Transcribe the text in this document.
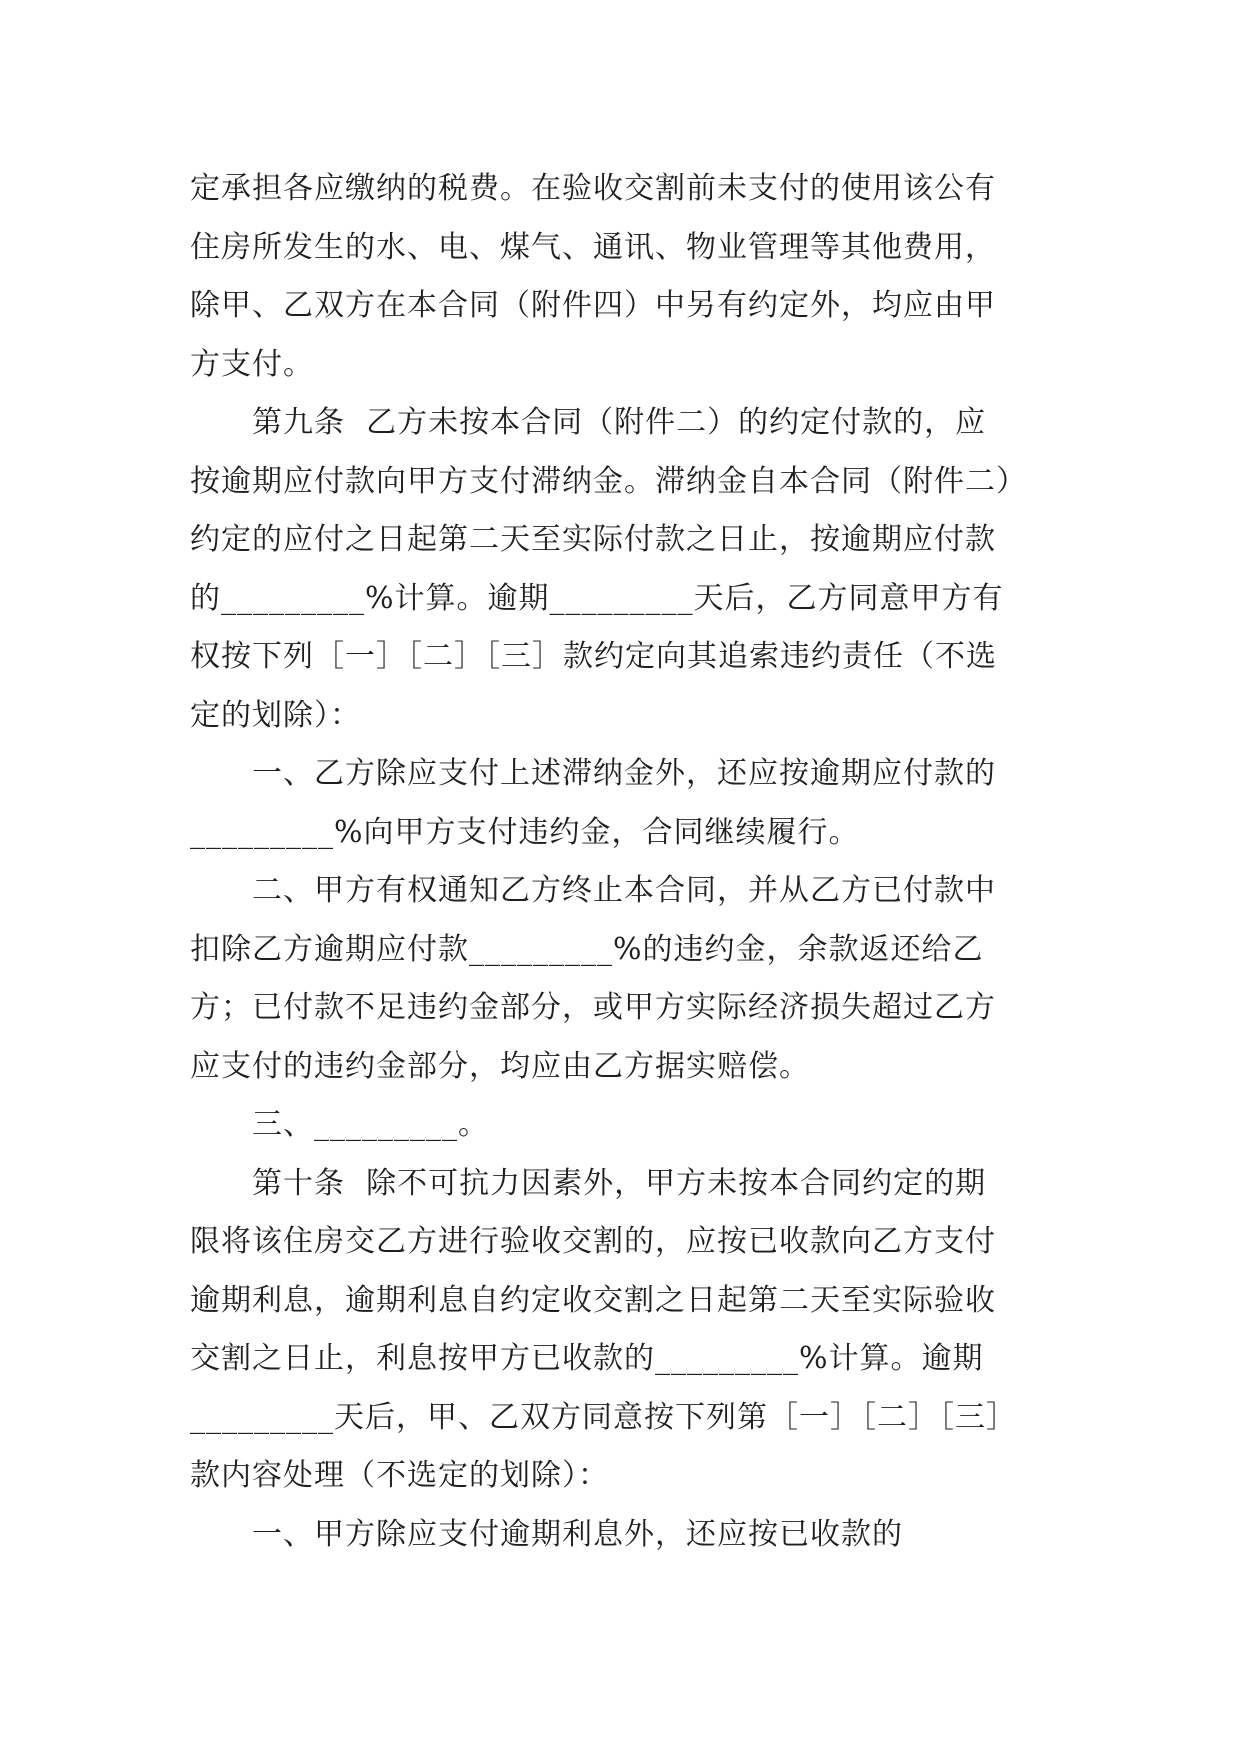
定承担各应缴纳的税费。在验收交割前未支付的使用该公有

住房所发生的水、电、煤气、通讯、物业管理等其他费用，

除甲、乙双方在本合同（附件四）中另有约定外，均应由甲

方支付。

　　第九条  乙方未按本合同（附件二）的约定付款的，应

按逾期应付款向甲方支付滞纳金。滞纳金自本合同（附件二）

约定的应付之日起第二天至实际付款之日止，按逾期应付款

的_________%计算。逾期_________天后，乙方同意甲方有

权按下列［一］［二］［三］款约定向其追索违约责任（不选

定的划除）：

　　一、乙方除应支付上述滞纳金外，还应按逾期应付款的

_________%向甲方支付违约金，合同继续履行。

　　二、甲方有权通知乙方终止本合同，并从乙方已付款中

扣除乙方逾期应付款_________%的违约金，余款返还给乙

方；已付款不足违约金部分，或甲方实际经济损失超过乙方

应支付的违约金部分，均应由乙方据实赔偿。

　　三、_________。

　　第十条  除不可抗力因素外，甲方未按本合同约定的期

限将该住房交乙方进行验收交割的，应按已收款向乙方支付

逾期利息，逾期利息自约定收交割之日起第二天至实际验收

交割之日止，利息按甲方已收款的_________%计算。逾期

_________天后，甲、乙双方同意按下列第［一］［二］［三］

款内容处理（不选定的划除）：

　　一、甲方除应支付逾期利息外，还应按已收款的
